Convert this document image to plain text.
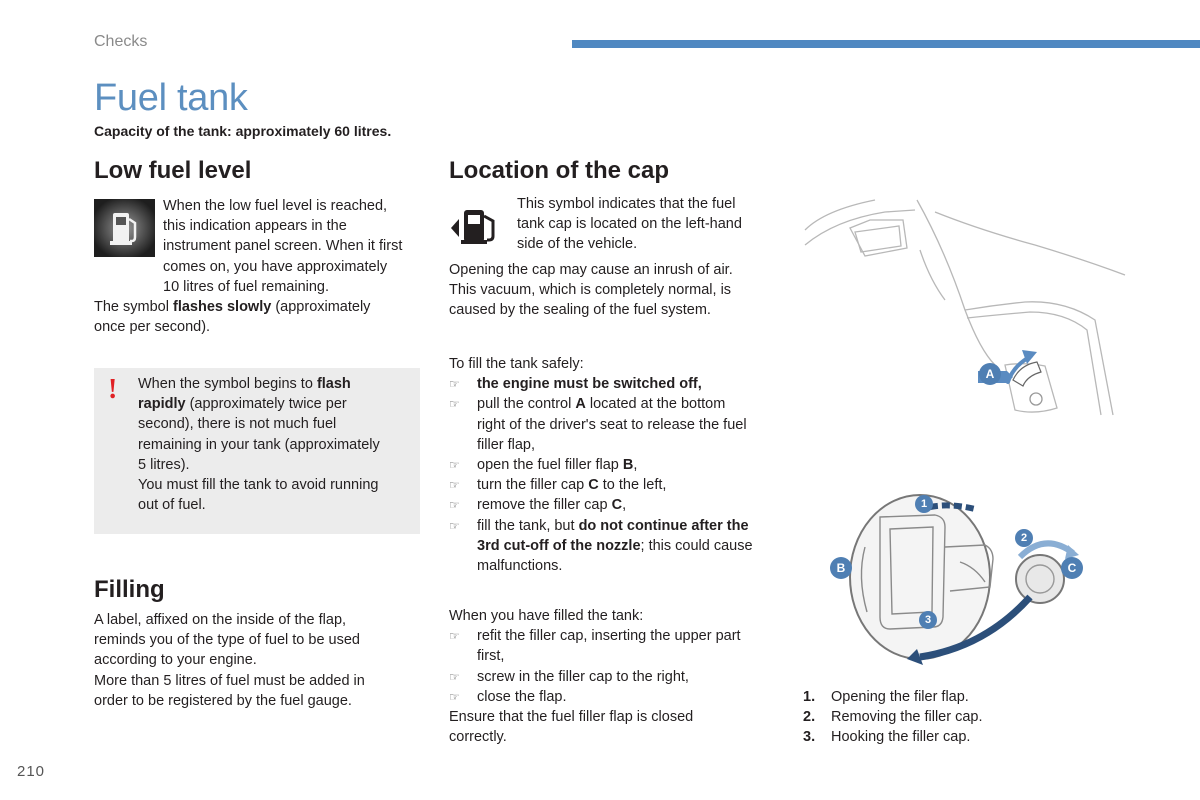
Checks
Fuel tank
Capacity of the tank: approximately 60 litres.
Low fuel level
When the low fuel level is reached,
this indication appears in the
instrument panel screen. When it first
comes on, you have approximately
10 litres of fuel remaining.
The symbol flashes slowly (approximately
once per second).
! When the symbol begins to flash
rapidly (approximately twice per
second), there is not much fuel
remaining in your tank (approximately
5 litres).
You must fill the tank to avoid running
out of fuel.
Filling
A label, affixed on the inside of the flap,
reminds you of the type of fuel to be used
according to your engine.
More than 5 litres of fuel must be added in
order to be registered by the fuel gauge.
Location of the cap
This symbol indicates that the fuel
tank cap is located on the left-hand
side of the vehicle.
Opening the cap may cause an inrush of air.
This vacuum, which is completely normal, is
caused by the sealing of the fuel system.
To fill the tank safely:
☞ the engine must be switched off,
☞ pull the control A located at the bottom
right of the driver's seat to release the fuel
filler flap,
☞ open the fuel filler flap B,
☞ turn the filler cap C to the left,
☞ remove the filler cap C,
☞ fill the tank, but do not continue after the
3rd cut-off of the nozzle; this could cause
malfunctions.
When you have filled the tank:
☞ refit the filler cap, inserting the upper part
first,
☞ screw in the filler cap to the right,
☞ close the flap.
Ensure that the fuel filler flap is closed
correctly.
A
1
2
3
B	C
1.	Opening the filer flap.
2.	Removing the filler cap.
3.	Hooking the filler cap.
210
